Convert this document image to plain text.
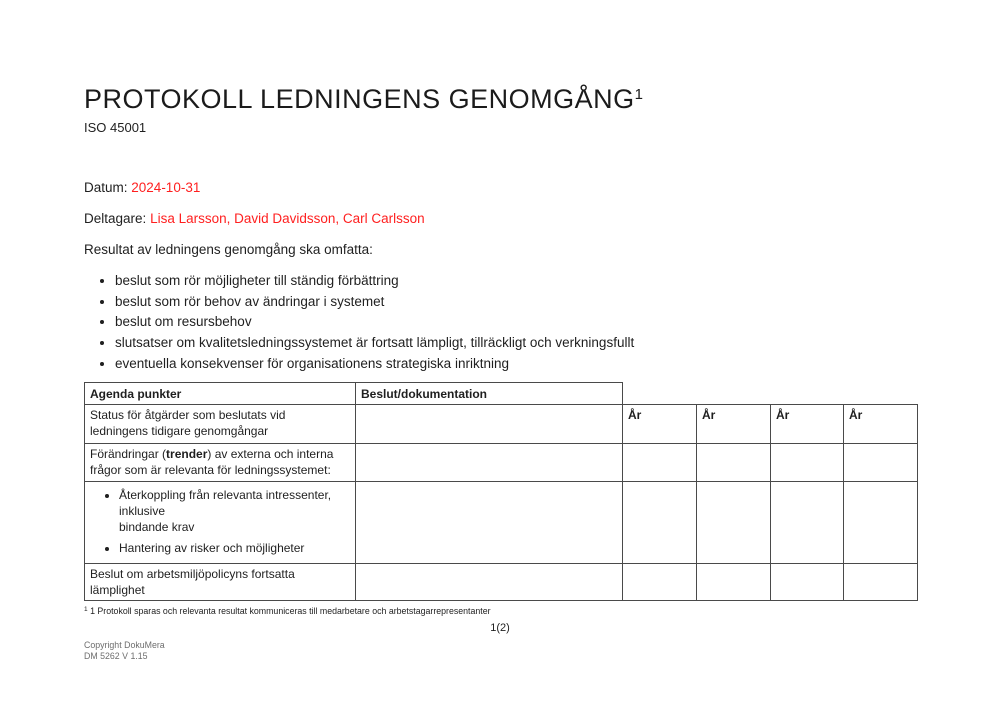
PROTOKOLL LEDNINGENS GENOMGÅNG$^1$
ISO 45001

Datum: 2024-10-31

Deltagare: Lisa Larsson, David Davidsson, Carl Carlsson

Resultat av ledningens genomgång ska omfatta:

• beslut som rör möjligheter till ständig förbättring
• beslut som rör behov av ändringar i systemet
• beslut om resursbehov
• slutsatser om kvalitetsledningssystemet är fortsatt lämpligt, tillräckligt och verkningsfullt
• eventuella konsekvenser för organisationens strategiska inriktning
Agenda punkter	Beslut/dokumentation				

Status för åtgärder som beslutats vid
ledningens tidigare genomgångar		År	År	År	År

Förändringar (trender) av externa och interna
frågor som är relevanta för ledningssystemet:					

• Återkoppling från relevanta intressenter, inklusive
bindande krav
• Hantering av risker och möjligheter

Beslut om arbetsmiljöpolicyns fortsatta lämplighet					

$^1$ 1 Protokoll sparas och relevanta resultat kommuniceras till medarbetare och arbetstagarrepresentanter

1(2)
Copyright DokuMera
DM 5262 V 1.15
